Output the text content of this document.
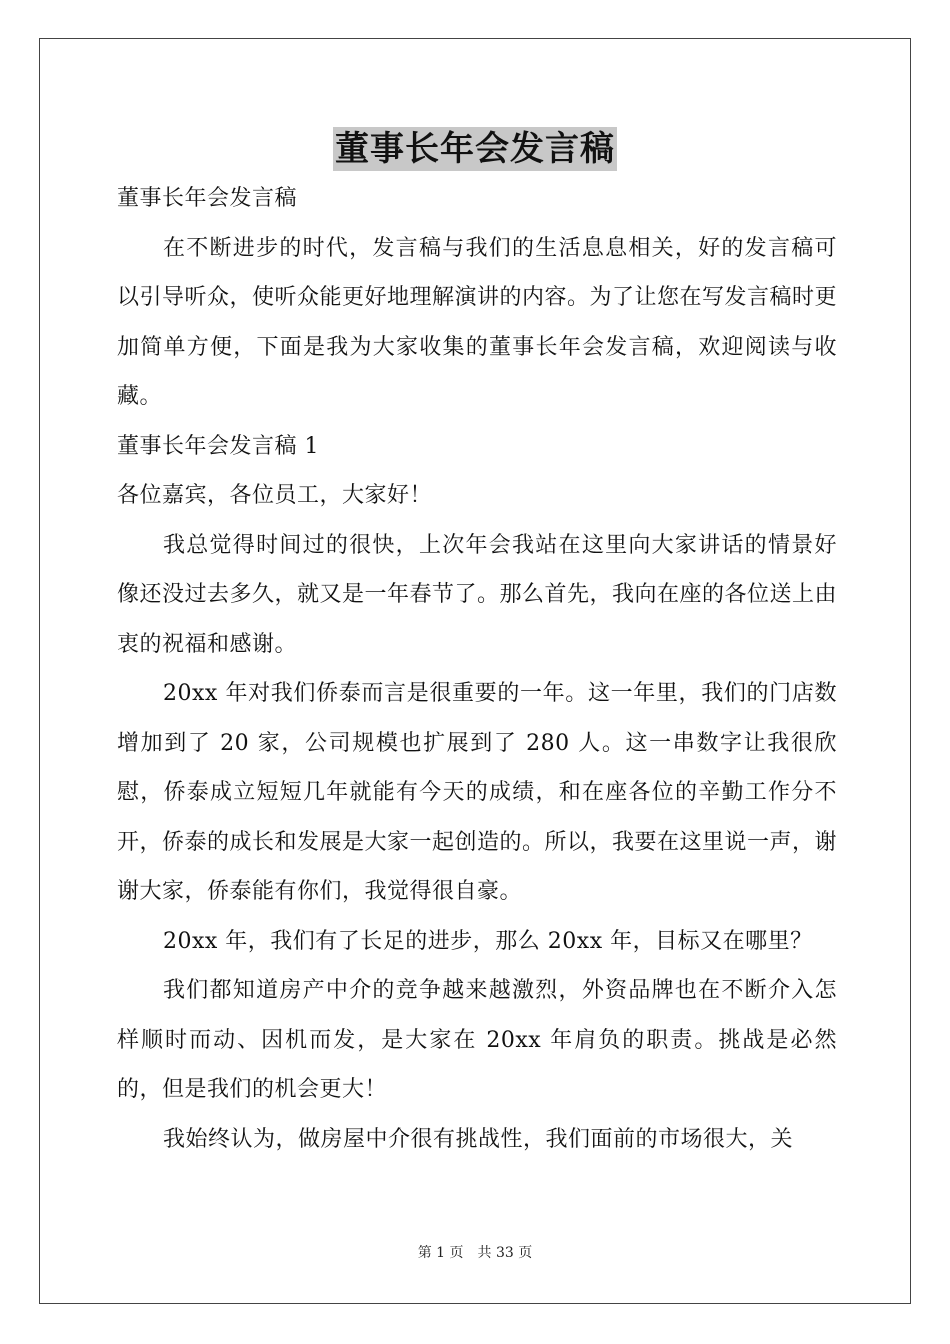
董事长年会发言稿

董事长年会发言稿

在不断进步的时代，发言稿与我们的生活息息相关，好的发言稿可以引导听众，使听众能更好地理解演讲的内容。为了让您在写发言稿时更加简单方便，下面是我为大家收集的董事长年会发言稿，欢迎阅读与收藏。

董事长年会发言稿 1

各位嘉宾，各位员工，大家好！

我总觉得时间过的很快，上次年会我站在这里向大家讲话的情景好像还没过去多久，就又是一年春节了。那么首先，我向在座的各位送上由衷的祝福和感谢。

20xx 年对我们侨泰而言是很重要的一年。这一年里，我们的门店数增加到了 20 家，公司规模也扩展到了 280 人。这一串数字让我很欣慰，侨泰成立短短几年就能有今天的成绩，和在座各位的辛勤工作分不开，侨泰的成长和发展是大家一起创造的。所以，我要在这里说一声，谢谢大家，侨泰能有你们，我觉得很自豪。

20xx 年，我们有了长足的进步，那么 20xx 年，目标又在哪里？

我们都知道房产中介的竞争越来越激烈，外资品牌也在不断介入怎样顺时而动、因机而发，是大家在 20xx 年肩负的职责。挑战是必然的，但是我们的机会更大！

我始终认为，做房屋中介很有挑战性，我们面前的市场很大，关

第 1 页 共 33 页
